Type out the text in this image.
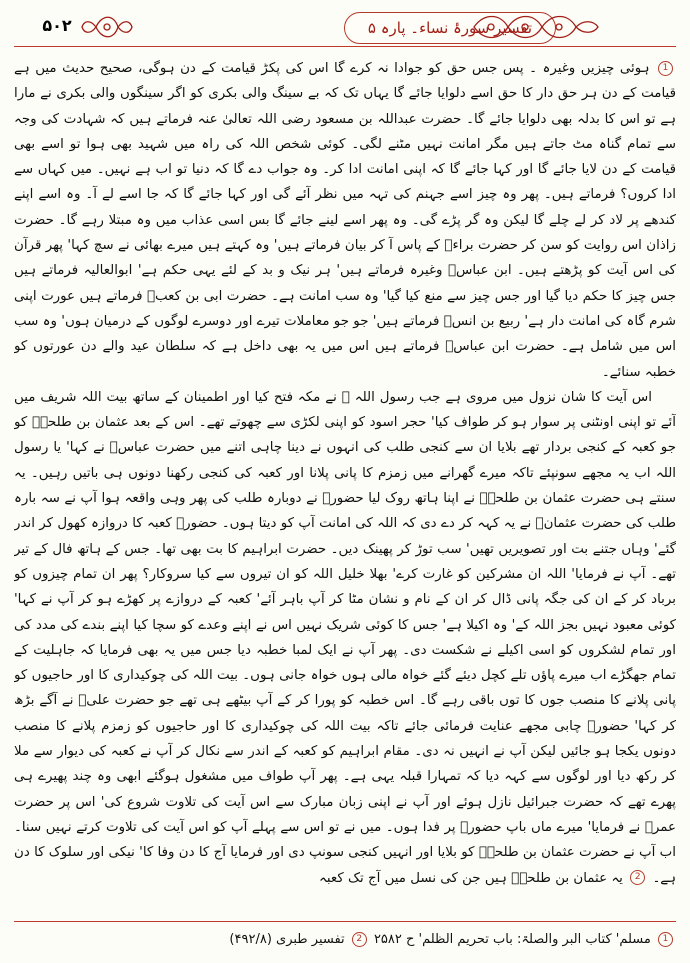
۵۰۲	تفسیر سورۂ نساء۔ پارہ ۵

1 ہوئی چیزیں وغیرہ ۔ پس جس حق کو جوادا نہ کرے گا اس کی پکڑ قیامت کے دن ہوگی، صحیح حدیث میں ہے قیامت کے دن ہر حق دار کا حق اسے دلوایا جائے گا یہاں تک کہ بے سینگ والی بکری کو اگر سینگوں والی بکری نے مارا ہے تو اس کا بدلہ بھی دلوایا جائے گا۔ حضرت عبداللہ بن مسعود رضی اللہ تعالیٰ عنہ فرماتے ہیں کہ شہادت کی وجہ سے تمام گناہ مٹ جاتے ہیں مگر امانت نہیں مٹنے لگی۔ کوئی شخص اللہ کی راہ میں شہید بھی ہوا تو اسے بھی قیامت کے دن لایا جائے گا اور کہا جائے گا کہ اپنی امانت ادا کر۔ وہ جواب دے گا کہ دنیا تو اب ہے نہیں۔ میں کہاں سے ادا کروں؟ فرماتے ہیں۔ پھر وہ چیز اسے جہنم کی تہہ میں نظر آئے گی اور کہا جائے گا کہ جا اسے لے آ۔ وہ اسے اپنے کندھے پر لاد کر لے چلے گا لیکن وہ گر پڑے گی۔ وہ پھر اسے لینے جائے گا بس اسی عذاب میں وہ مبتلا رہے گا۔ حضرت زاذان اس روایت کو سن کر حضرت براءؓ کے پاس آ کر بیان فرماتے ہیں' وہ کہتے ہیں میرے بھائی نے سچ کہا' پھر قرآن کی اس آیت کو پڑھتے ہیں۔ ابن عباسؓ وغیرہ فرماتے ہیں' ہر نیک و بد کے لئے یہی حکم ہے' ابوالعالیہ فرماتے ہیں جس چیز کا حکم دیا گیا اور جس چیز سے منع کیا گیا' وہ سب امانت ہے۔ حضرت ابی بن کعبؓ فرماتے ہیں عورت اپنی شرم گاہ کی امانت دار ہے' ربیع بن انسؓ فرماتے ہیں' جو جو معاملات تیرے اور دوسرے لوگوں کے درمیان ہوں' وہ سب اس میں شامل ہے۔ حضرت ابن عباسؓ فرماتے ہیں اس میں یہ بھی داخل ہے کہ سلطان عید والے دن عورتوں کو خطبہ سنائے۔

اس آیت کا شان نزول میں مروی ہے جب رسول اللہ ﷺ نے مکہ فتح کیا اور اطمینان کے ساتھ بیت اللہ شریف میں آئے تو اپنی اونٹنی پر سوار ہو کر طواف کیا' حجر اسود کو اپنی لکڑی سے چھوتے تھے۔ اس کے بعد عثمان بن طلحہؓ کو جو کعبہ کے کنجی بردار تھے بلایا ان سے کنجی طلب کی انہوں نے دینا چاہی اتنے میں حضرت عباسؓ نے کہا' یا رسول اللہ اب یہ مجھے سونپئے تاکہ میرے گھرانے میں زمزم کا پانی پلانا اور کعبہ کی کنجی رکھنا دونوں ہی باتیں رہیں۔ یہ سنتے ہی حضرت عثمان بن طلحہؓ نے اپنا ہاتھ روک لیا حضورؐ نے دوبارہ طلب کی پھر وہی واقعہ ہوا آپ نے سہ بارہ طلب کی حضرت عثمانؓ نے یہ کہہ کر دے دی کہ اللہ کی امانت آپ کو دیتا ہوں۔ حضورؐ کعبہ کا دروازہ کھول کر اندر گئے' وہاں جتنے بت اور تصویریں تھیں' سب توڑ کر پھینک دیں۔ حضرت ابراہیم کا بت بھی تھا۔ جس کے ہاتھ فال کے تیر تھے۔ آپ نے فرمایا' اللہ ان مشرکین کو غارت کرے' بھلا خلیل اللہ کو ان تیروں سے کیا سروکار؟ پھر ان تمام چیزوں کو برباد کر کے ان کی جگہ پانی ڈال کر ان کے نام و نشان مٹا کر آپ باہر آئے' کعبہ کے دروازے پر کھڑے ہو کر آپ نے کہا' کوئی معبود نہیں بجز اللہ کے' وہ اکیلا ہے' جس کا کوئی شریک نہیں اس نے اپنے وعدے کو سچا کیا اپنے بندے کی مدد کی اور تمام لشکروں کو اسی اکیلے نے شکست دی۔ پھر آپ نے ایک لمبا خطبہ دیا جس میں یہ بھی فرمایا کہ جاہلیت کے تمام جھگڑے اب میرے پاؤں تلے کچل دیئے گئے خواہ مالی ہوں خواہ جانی ہوں۔ بیت اللہ کی چوکیداری کا اور حاجیوں کو پانی پلانے کا منصب جوں کا توں باقی رہے گا۔ اس خطبہ کو پورا کر کے آپ بیٹھے ہی تھے جو حضرت علیؓ نے آگے بڑھ کر کہا' حضورؐ چابی مجھے عنایت فرمائی جائے تاکہ بیت اللہ کی چوکیداری کا اور حاجیوں کو زمزم پلانے کا منصب دونوں یکجا ہو جائیں لیکن آپ نے انہیں نہ دی۔ مقام ابراہیم کو کعبہ کے اندر سے نکال کر آپ نے کعبہ کی دیوار سے ملا کر رکھ دیا اور لوگوں سے کہہ دیا کہ تمہارا قبلہ یہی ہے۔ پھر آپ طواف میں مشغول ہوگئے ابھی وہ چند پھیرے ہی پھرے تھے کہ حضرت جبرائیل نازل ہوئے اور آپ نے اپنی زبان مبارک سے اس آیت کی تلاوت شروع کی' اس پر حضرت عمرؓ نے فرمایا' میرے ماں باپ حضورؐ پر فدا ہوں۔ میں نے تو اس سے پہلے آپ کو اس آیت کی تلاوت کرتے نہیں سنا۔ اب آپ نے حضرت عثمان بن طلحہؓ کو بلایا اور انہیں کنجی سونپ دی اور فرمایا آج کا دن وفا کا' نیکی اور سلوک کا دن ہے۔ 2 یہ عثمان بن طلحہؓ ہیں جن کی نسل میں آج تک کعبہ

1 مسلم' کتاب البر والصلۃ: باب تحریم الظلم' ح ۲۵۸۲ 2 تفسیر طبری (۴۹۲/۸)
